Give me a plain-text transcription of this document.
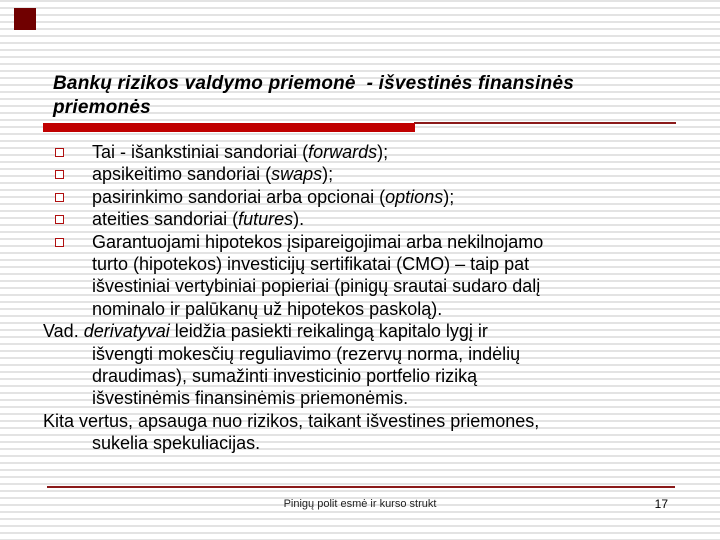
Bankų rizikos valdymo priemonė  - išvestinės finansinės
priemonės
Tai - išankstiniai sandoriai (forwards);
apsikeitimo sandoriai (swaps);
pasirinkimo sandoriai arba opcionai (options);
ateities sandoriai (futures).
Garantuojami hipotekos įsipareigojimai arba nekilnojamo
turto (hipotekos) investicijų sertifikatai (CMO) – taip pat
išvestiniai vertybiniai popieriai (pinigų srautai sudaro dalį
nominalo ir palūkanų už hipotekos paskolą).
Vad. derivatyvai leidžia pasiekti reikalingą kapitalo lygį ir
išvengti mokesčių reguliavimo (rezervų norma, indėlių
draudimas), sumažinti investicinio portfelio riziką
išvestinėmis finansinėmis priemonėmis.
Kita vertus, apsauga nuo rizikos, taikant išvestines priemones,
sukelia spekuliacijas.
Pinigų polit esmė ir kurso strukt	17
